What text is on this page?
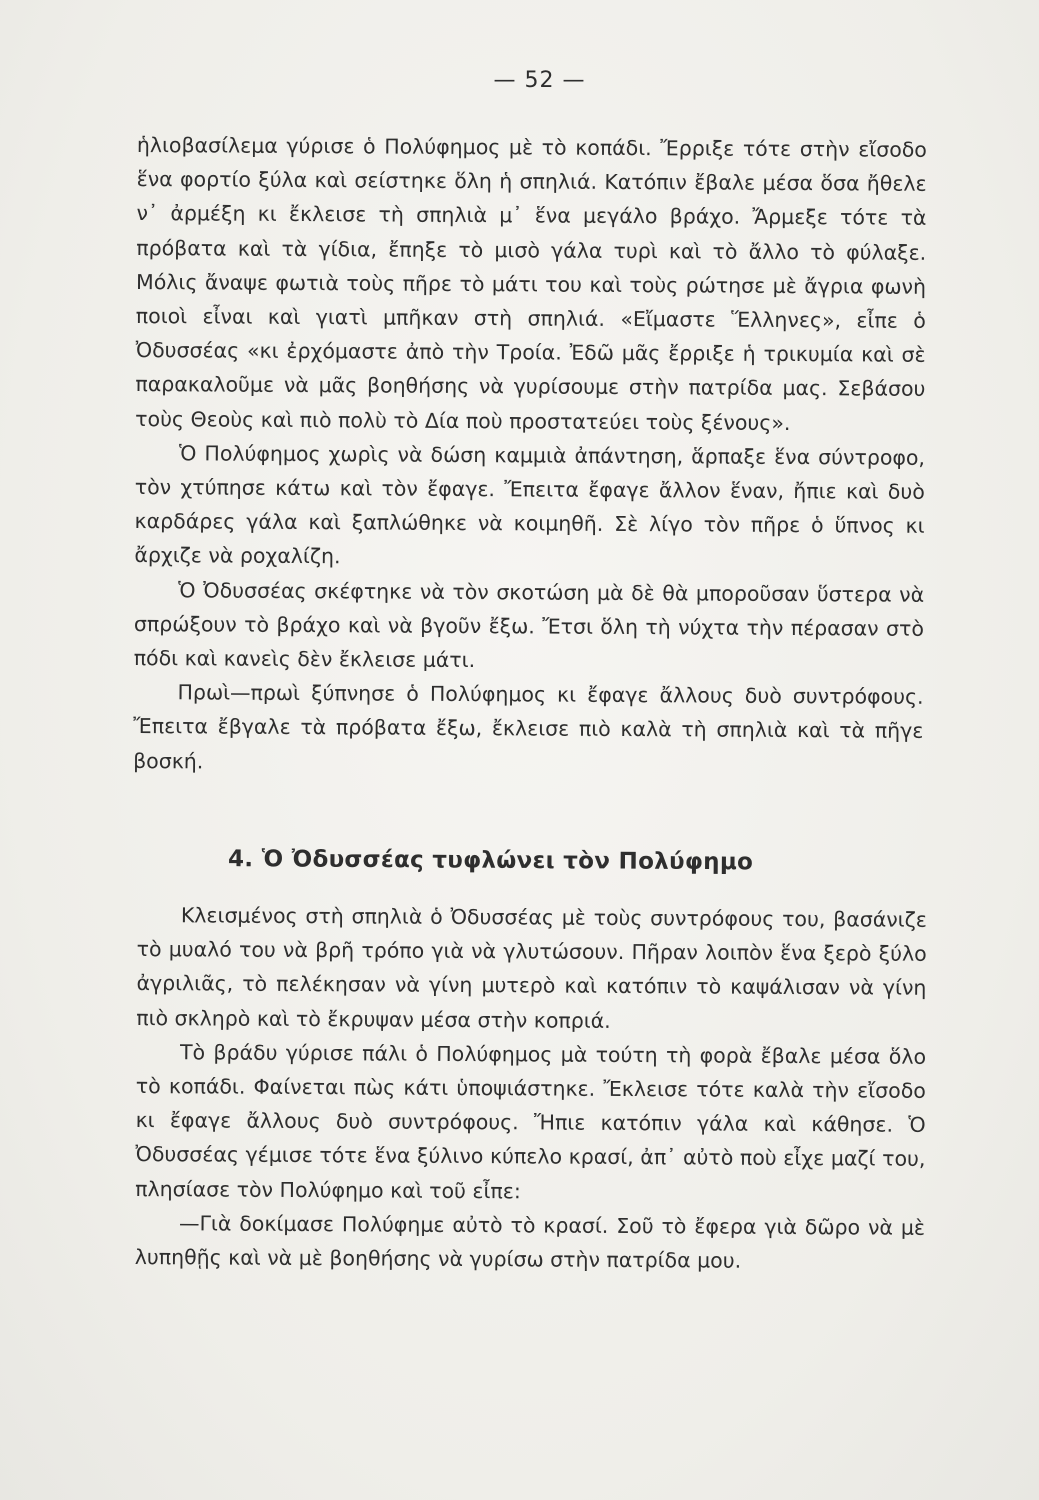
— 52 —

ἡλιοβασίλεμα γύρισε ὁ Πολύφημος μὲ τὸ κοπάδι. Ἔρριξε τότε στὴν εἴσοδο ἕνα φορτίο ξύλα καὶ σείστηκε ὅλη ἡ σπηλιά. Κατόπιν ἔβαλε μέσα ὅσα ἤθελε ν᾽ ἀρμέξη κι ἔκλεισε τὴ σπηλιὰ μ᾽ ἕνα μεγάλο βράχο. Ἄρμεξε τότε τὰ πρόβατα καὶ τὰ γίδια, ἔπηξε τὸ μισὸ γάλα τυρὶ καὶ τὸ ἄλλο τὸ φύλαξε. Μόλις ἄναψε φωτιὰ τοὺς πῆρε τὸ μάτι του καὶ τοὺς ρώτησε μὲ ἄγρια φωνὴ ποιοὶ εἶναι καὶ γιατὶ μπῆκαν στὴ σπηλιά. «Εἴμαστε Ἕλληνες», εἶπε ὁ Ὀδυσσέας «κι ἐρχόμαστε ἀπὸ τὴν Τροία. Ἐδῶ μᾶς ἔρριξε ἡ τρικυμία καὶ σὲ παρακαλοῦμε νὰ μᾶς βοηθήσης νὰ γυρίσουμε στὴν πατρίδα μας. Σεβάσου τοὺς Θεοὺς καὶ πιὸ πολὺ τὸ Δία ποὺ προστατεύει τοὺς ξένους».

Ὁ Πολύφημος χωρὶς νὰ δώση καμμιὰ ἀπάντηση, ἅρπαξε ἕνα σύντροφο, τὸν χτύπησε κάτω καὶ τὸν ἔφαγε. Ἔπειτα ἔφαγε ἄλλον ἕναν, ἤπιε καὶ δυὸ καρδάρες γάλα καὶ ξαπλώθηκε νὰ κοιμηθῆ. Σὲ λίγο τὸν πῆρε ὁ ὕπνος κι ἄρχιζε νὰ ροχαλίζη.

Ὁ Ὀδυσσέας σκέφτηκε νὰ τὸν σκοτώση μὰ δὲ θὰ μποροῦσαν ὕστερα νὰ σπρώξουν τὸ βράχο καὶ νὰ βγοῦν ἔξω. Ἔτσι ὅλη τὴ νύχτα τὴν πέρασαν στὸ πόδι καὶ κανεὶς δὲν ἔκλεισε μάτι.

Πρωὶ—πρωὶ ξύπνησε ὁ Πολύφημος κι ἔφαγε ἄλλους δυὸ συντρόφους. Ἔπειτα ἔβγαλε τὰ πρόβατα ἔξω, ἔκλεισε πιὸ καλὰ τὴ σπηλιὰ καὶ τὰ πῆγε βοσκή.

4. Ὁ Ὀδυσσέας τυφλώνει τὸν Πολύφημο

Κλεισμένος στὴ σπηλιὰ ὁ Ὀδυσσέας μὲ τοὺς συντρόφους του, βασάνιζε τὸ μυαλό του νὰ βρῆ τρόπο γιὰ νὰ γλυτώσουν. Πῆραν λοιπὸν ἕνα ξερὸ ξύλο ἀγριλιᾶς, τὸ πελέκησαν νὰ γίνη μυτερὸ καὶ κατόπιν τὸ καψάλισαν νὰ γίνη πιὸ σκληρὸ καὶ τὸ ἔκρυψαν μέσα στὴν κοπριά.

Τὸ βράδυ γύρισε πάλι ὁ Πολύφημος μὰ τούτη τὴ φορὰ ἔβαλε μέσα ὅλο τὸ κοπάδι. Φαίνεται πὼς κάτι ὑποψιάστηκε. Ἔκλεισε τότε καλὰ τὴν εἴσοδο κι ἔφαγε ἄλλους δυὸ συντρόφους. Ἤπιε κατόπιν γάλα καὶ κάθησε. Ὁ Ὀδυσσέας γέμισε τότε ἕνα ξύλινο κύπελο κρασί, ἀπ᾽ αὐτὸ ποὺ εἶχε μαζί του, πλησίασε τὸν Πολύφημο καὶ τοῦ εἶπε:

—Γιὰ δοκίμασε Πολύφημε αὐτὸ τὸ κρασί. Σοῦ τὸ ἔφερα γιὰ δῶρο νὰ μὲ λυπηθῇς καὶ νὰ μὲ βοηθήσης νὰ γυρίσω στὴν πατρίδα μου.
